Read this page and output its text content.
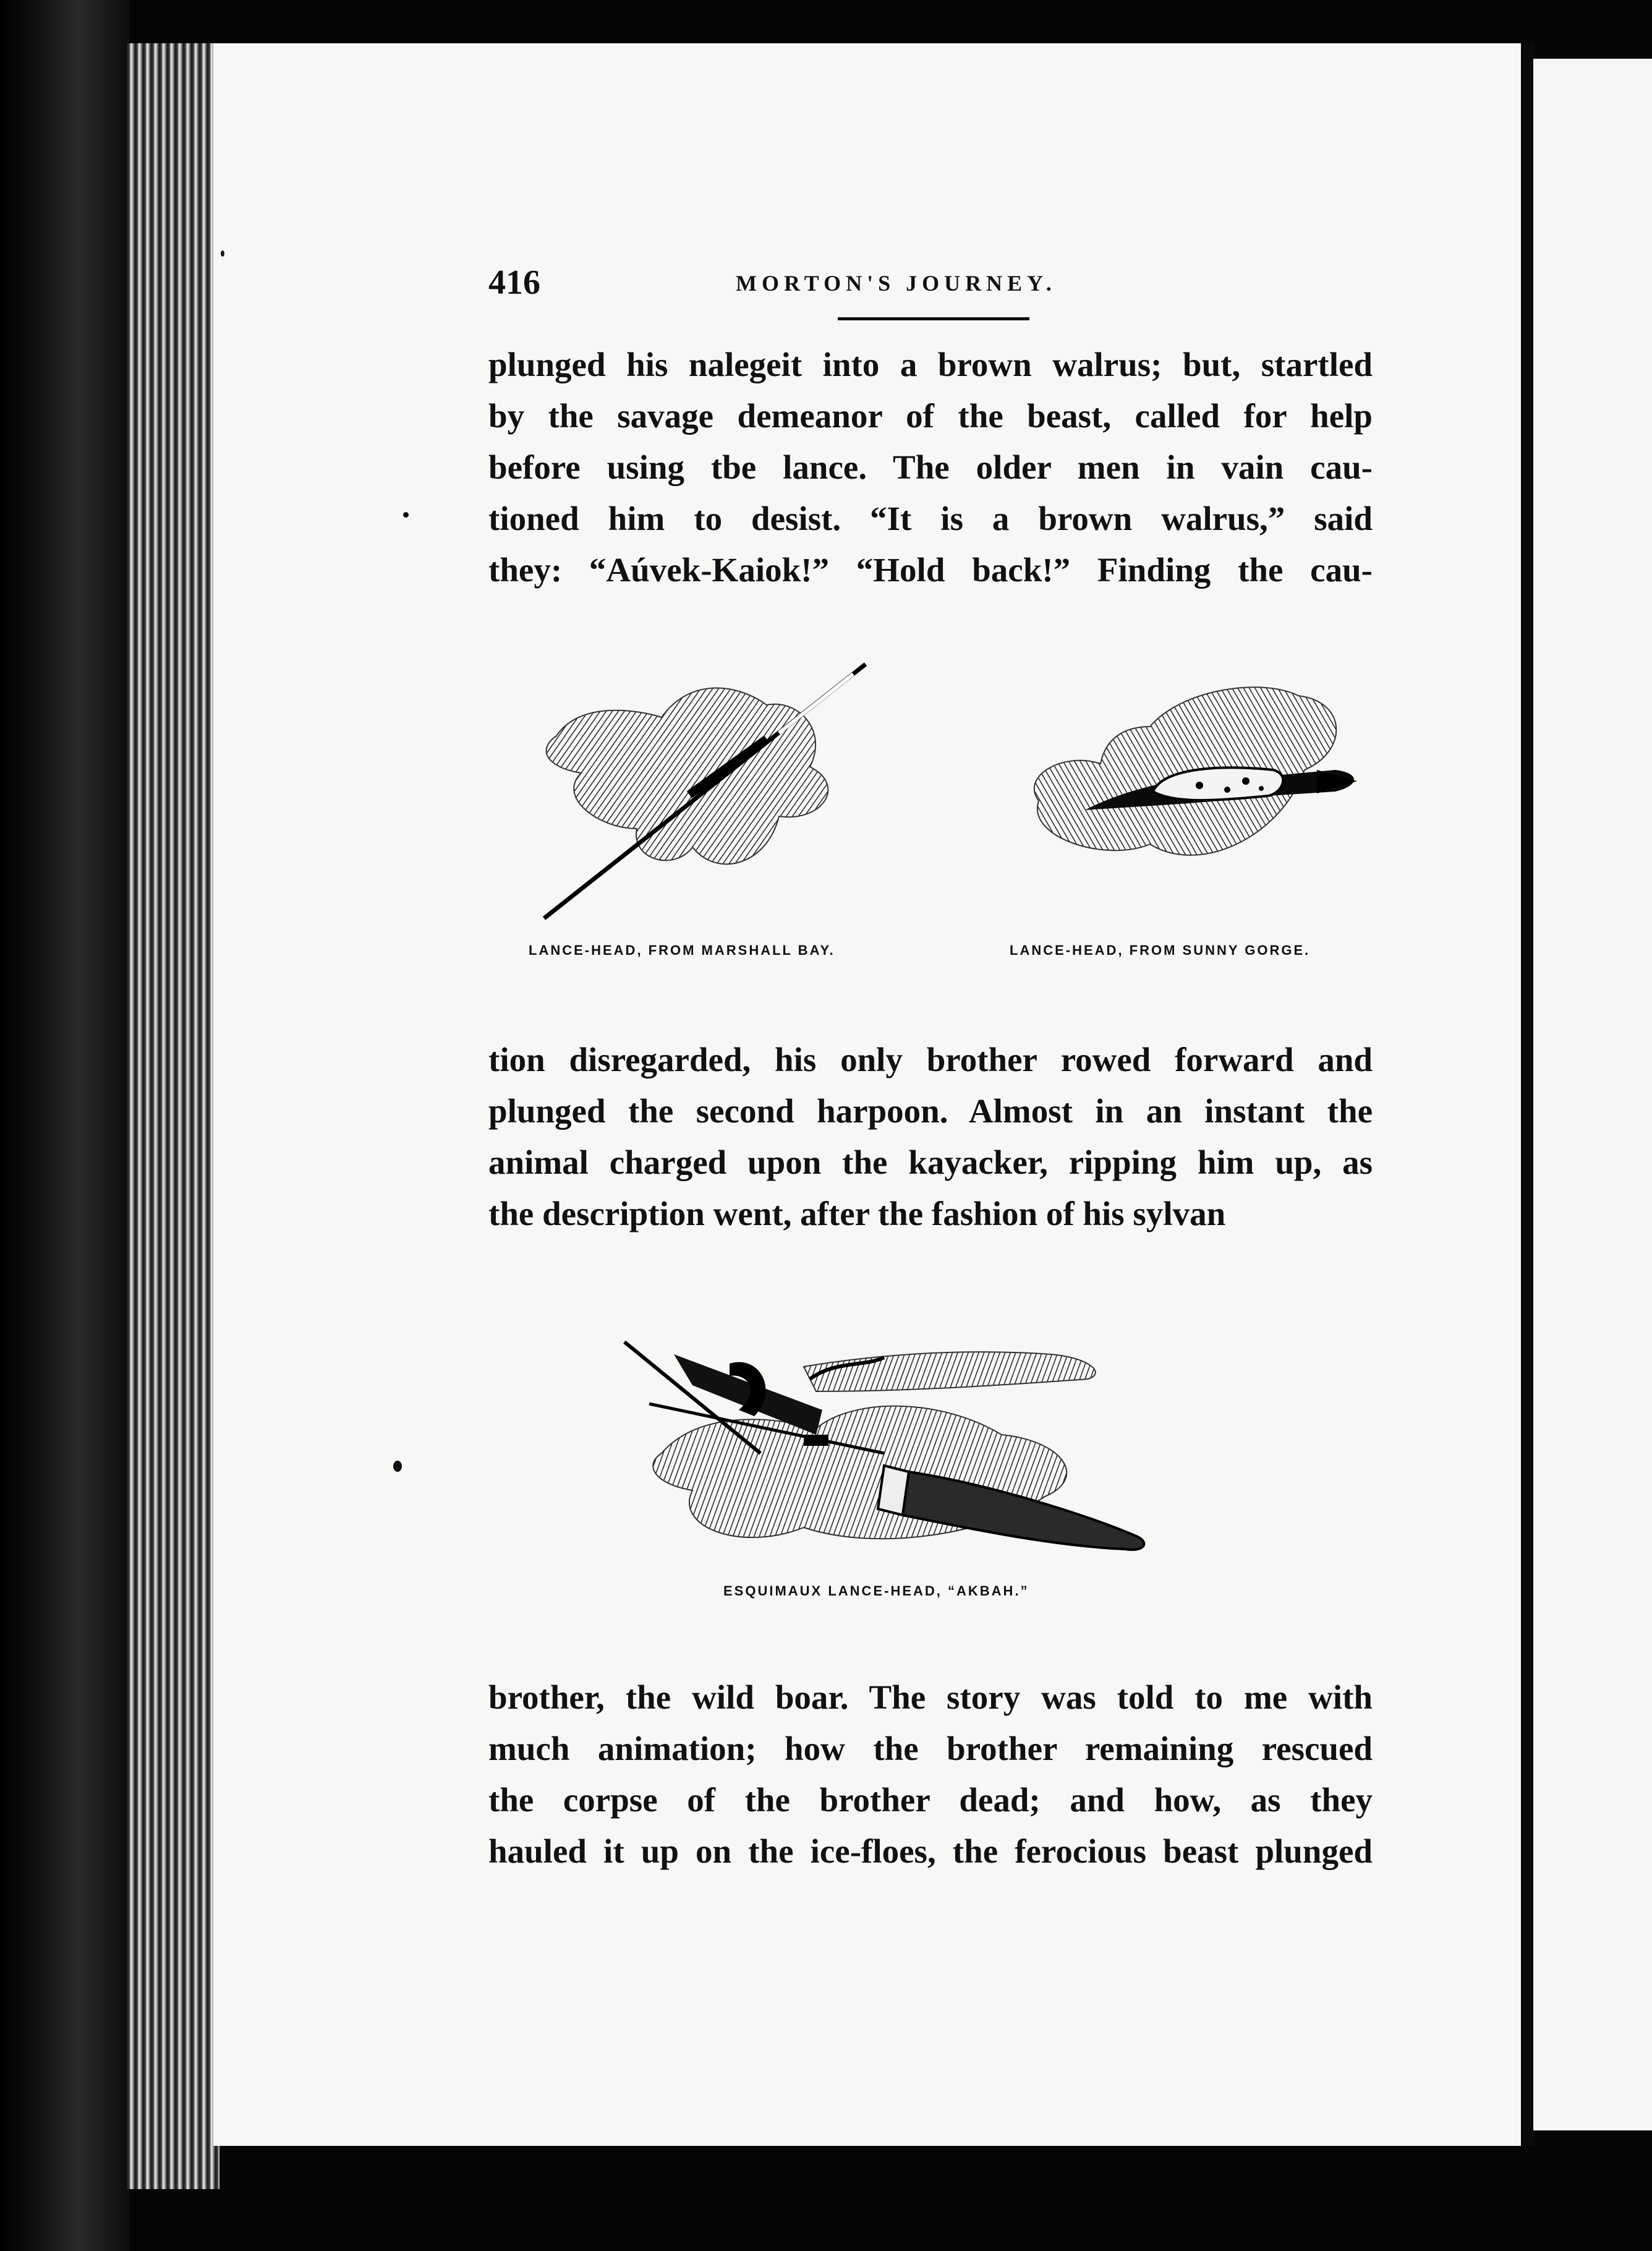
416	MORTON'S JOURNEY.
plunged his nalegeit into a brown walrus; but, startled
by the savage demeanor of the beast, called for help
before using tbe lance. The older men in vain cau-
tioned him to desist. “It is a brown walrus,” said
they: “Aúvek-Kaiok!” “Hold back!” Finding the cau-
LANCE-HEAD, FROM MARSHALL BAY.	LANCE-HEAD, FROM SUNNY GORGE.
tion disregarded, his only brother rowed forward and
plunged the second harpoon. Almost in an instant the
animal charged upon the kayacker, ripping him up, as
the description went, after the fashion of his sylvan
ESQUIMAUX LANCE-HEAD, “AKBAH.”
brother, the wild boar. The story was told to me with
much animation; how the brother remaining rescued
the corpse of the brother dead; and how, as they
hauled it up on the ice-floes, the ferocious beast plunged
